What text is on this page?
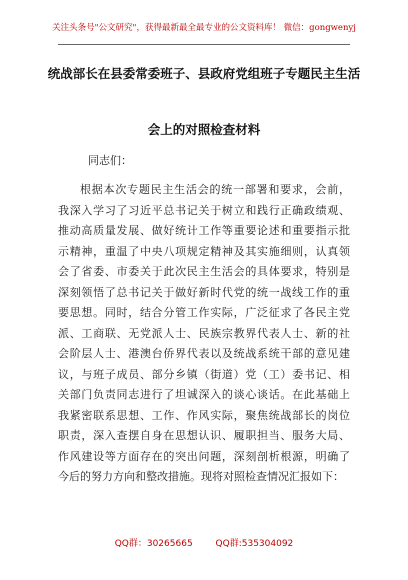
关注头条号"公文研究"，获得最新最全最专业的公文资料库！ 微信：gongwenyj
统战部长在县委常委班子、县政府党组班子专题民主生活
会上的对照检查材料
同志们：
根据本次专题民主生活会的统一部署和要求，会前，
我深入学习了习近平总书记关于树立和践行正确政绩观、
推动高质量发展、做好统计工作等重要论述和重要指示批
示精神，重温了中央八项规定精神及其实施细则，认真领
会了省委、市委关于此次民主生活会的具体要求，特别是
深刻领悟了总书记关于做好新时代党的统一战线工作的重
要思想。同时，结合分管工作实际，广泛征求了各民主党
派、工商联、无党派人士、民族宗教界代表人士、新的社
会阶层人士、港澳台侨界代表以及统战系统干部的意见建
议，与班子成员、部分乡镇（街道）党（工）委书记、相
关部门负责同志进行了坦诚深入的谈心谈话。在此基础上
我紧密联系思想、工作、作风实际，聚焦统战部长的岗位
职责，深入查摆自身在思想认识、履职担当、服务大局、
作风建设等方面存在的突出问题，深刻剖析根源，明确了
今后的努力方向和整改措施。现将对照检查情况汇报如下：
QQ群：30265665	QQ群:535304092
